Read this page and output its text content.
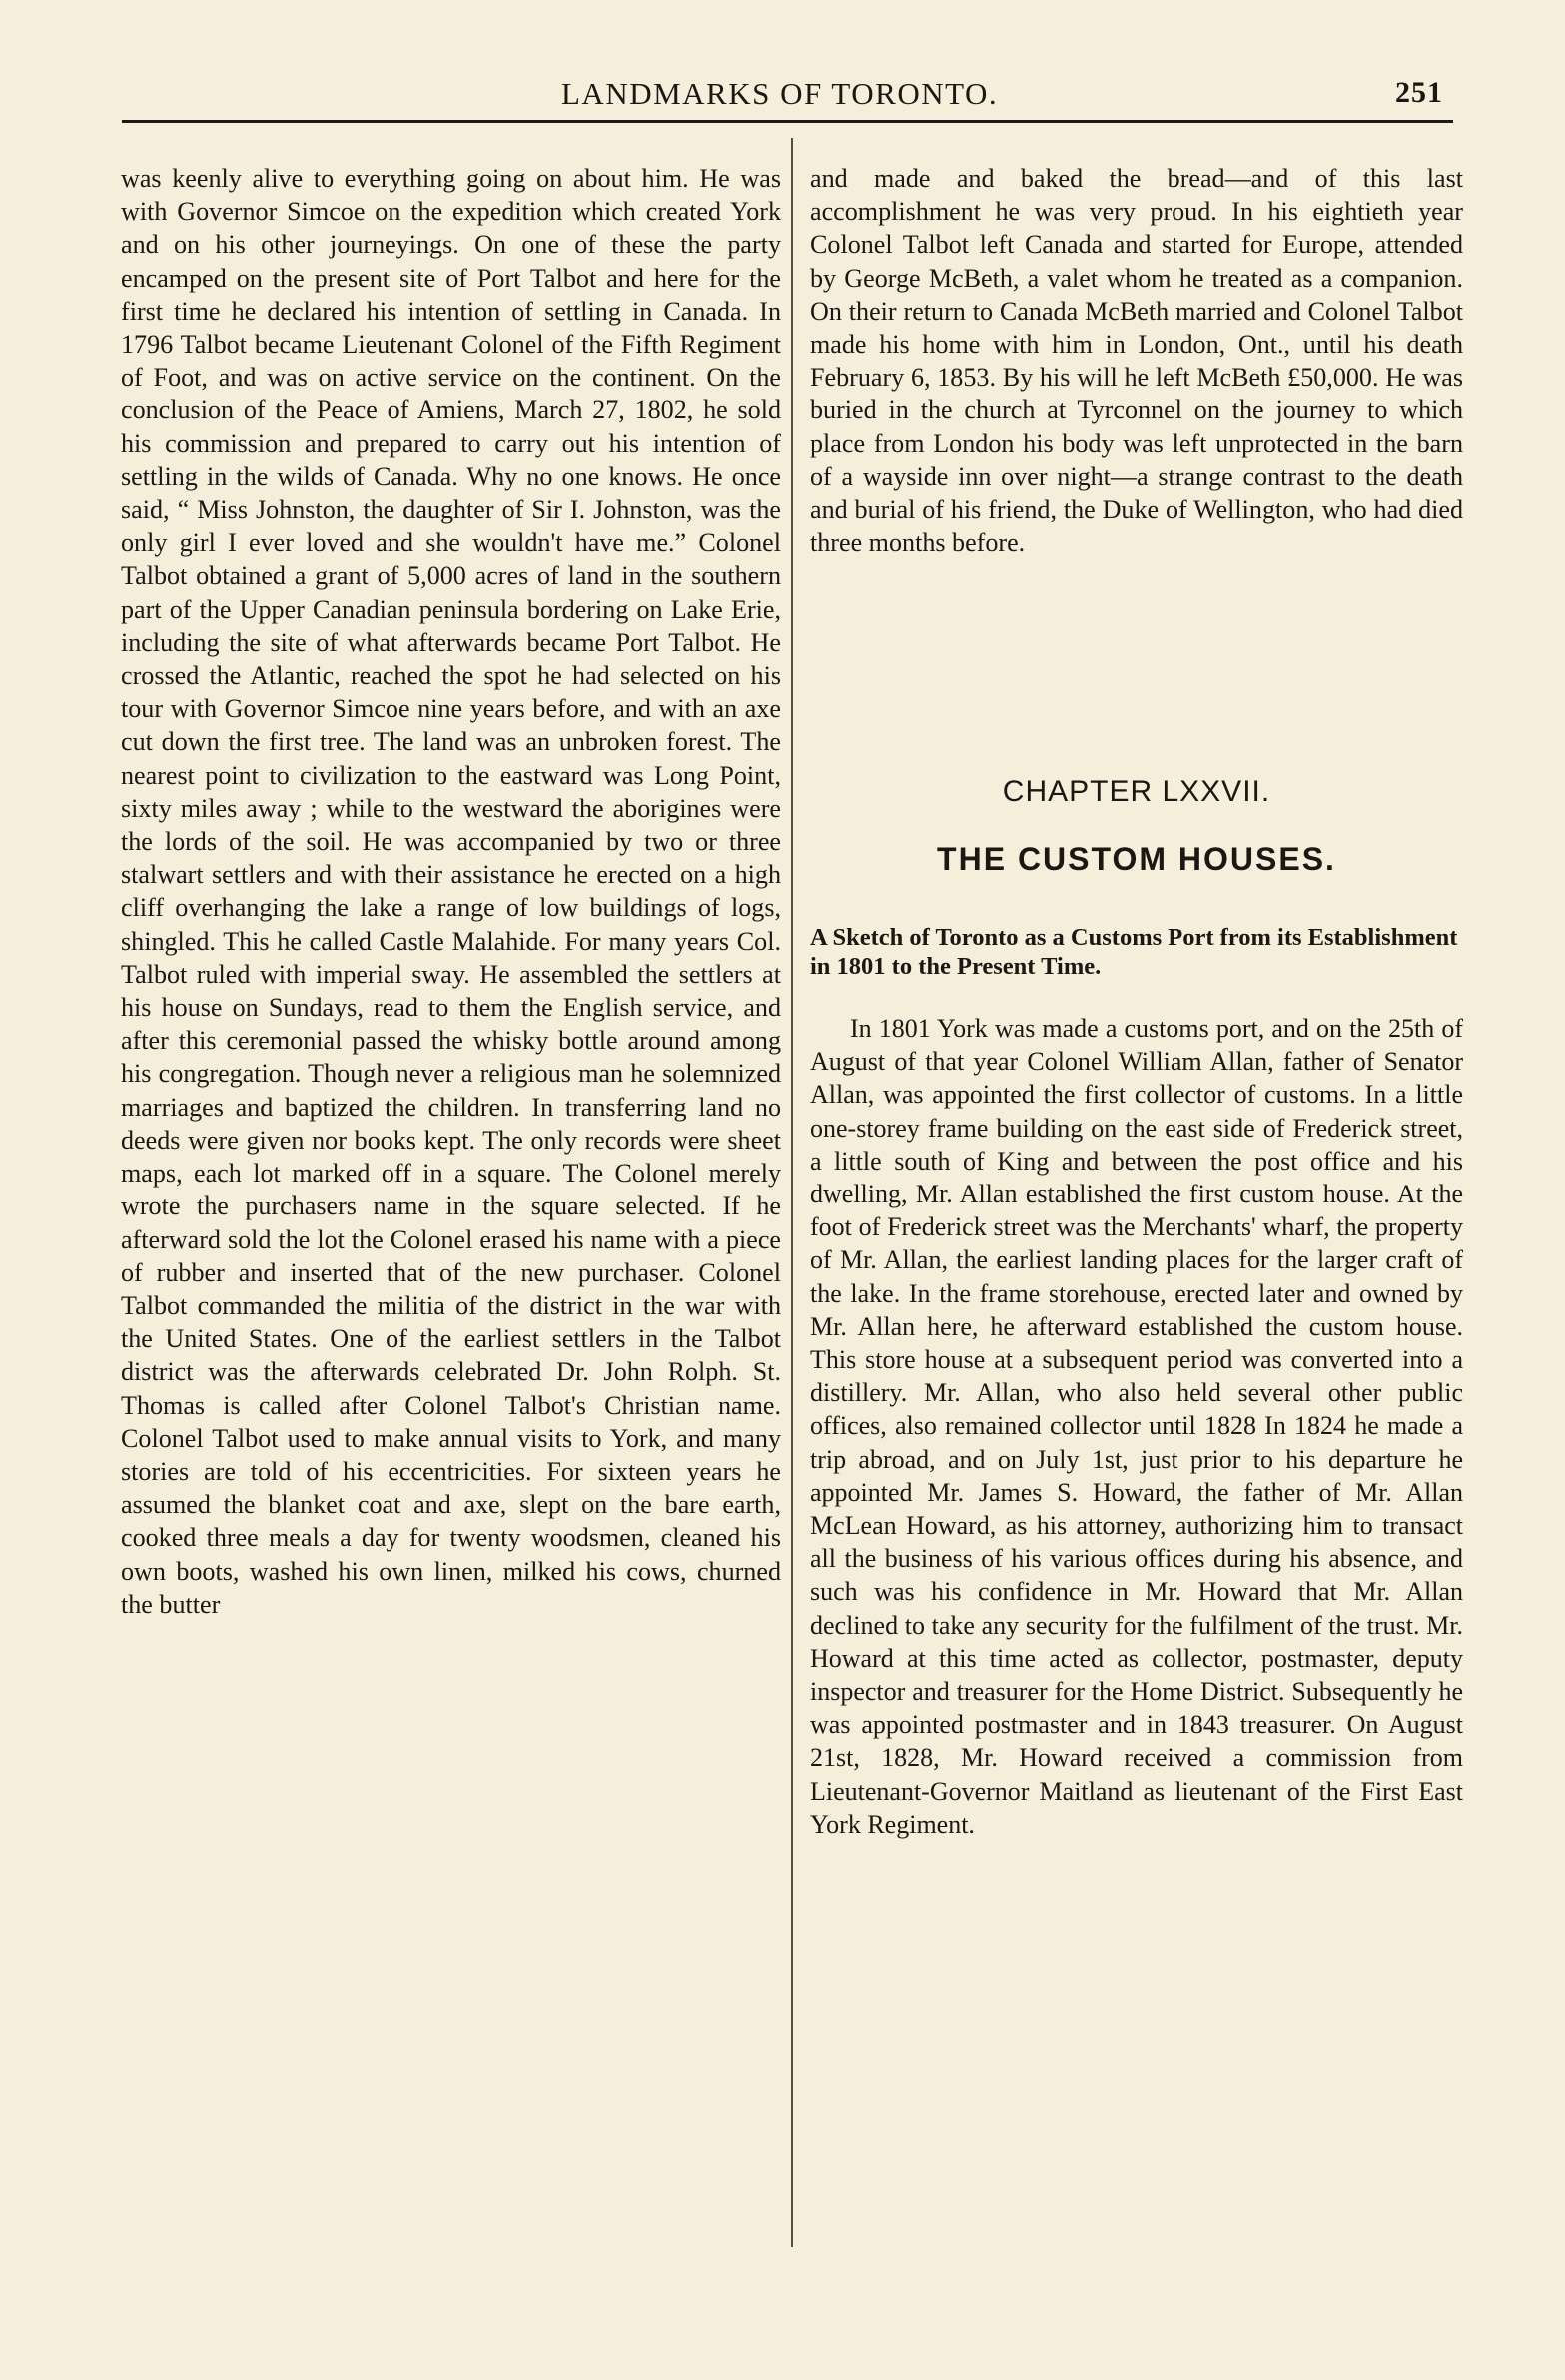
LANDMARKS OF TORONTO.	251

was keenly alive to everything going on about him. He was with Governor Simcoe on the expedition which created York and on his other journeyings. On one of these the party encamped on the present site of Port Talbot and here for the first time he declared his intention of settling in Canada. In 1796 Talbot became Lieutenant Colonel of the Fifth Regiment of Foot, and was on active service on the continent. On the conclusion of the Peace of Amiens, March 27, 1802, he sold his commission and prepared to carry out his intention of settling in the wilds of Canada. Why no one knows. He once said, “ Miss Johnston, the daughter of Sir I. Johnston, was the only girl I ever loved and she wouldn't have me.” Colonel Talbot obtained a grant of 5,000 acres of land in the southern part of the Upper Canadian peninsula bordering on Lake Erie, including the site of what afterwards became Port Talbot. He crossed the Atlantic, reached the spot he had selected on his tour with Governor Simcoe nine years before, and with an axe cut down the first tree. The land was an unbroken forest. The nearest point to civilization to the eastward was Long Point, sixty miles away ; while to the westward the aborigines were the lords of the soil. He was accompanied by two or three stalwart settlers and with their assistance he erected on a high cliff overhanging the lake a range of low buildings of logs, shingled. This he called Castle Malahide. For many years Col. Talbot ruled with imperial sway. He assembled the settlers at his house on Sundays, read to them the English service, and after this ceremonial passed the whisky bottle around among his congregation. Though never a religious man he solemnized marriages and baptized the children. In transferring land no deeds were given nor books kept. The only records were sheet maps, each lot marked off in a square. The Colonel merely wrote the purchasers name in the square selected. If he afterward sold the lot the Colonel erased his name with a piece of rubber and inserted that of the new purchaser. Colonel Talbot commanded the militia of the district in the war with the United States. One of the earliest settlers in the Talbot district was the afterwards celebrated Dr. John Rolph. St. Thomas is called after Colonel Talbot's Christian name. Colonel Talbot used to make annual visits to York, and many stories are told of his eccentricities. For sixteen years he assumed the blanket coat and axe, slept on the bare earth, cooked three meals a day for twenty woodsmen, cleaned his own boots, washed his own linen, milked his cows, churned the butter

and made and baked the bread—and of this last accomplishment he was very proud. In his eightieth year Colonel Talbot left Canada and started for Europe, attended by George McBeth, a valet whom he treated as a companion. On their return to Canada McBeth married and Colonel Talbot made his home with him in London, Ont., until his death February 6, 1853. By his will he left McBeth £50,000. He was buried in the church at Tyrconnel on the journey to which place from London his body was left unprotected in the barn of a wayside inn over night—a strange contrast to the death and burial of his friend, the Duke of Wellington, who had died three months before.

CHAPTER LXXVII.
THE CUSTOM HOUSES.
A Sketch of Toronto as a Customs Port from its Establishment in 1801 to the Present Time.

In 1801 York was made a customs port, and on the 25th of August of that year Colonel William Allan, father of Senator Allan, was appointed the first collector of customs. In a little one-storey frame building on the east side of Frederick street, a little south of King and between the post office and his dwelling, Mr. Allan established the first custom house. At the foot of Frederick street was the Merchants' wharf, the property of Mr. Allan, the earliest landing places for the larger craft of the lake. In the frame storehouse, erected later and owned by Mr. Allan here, he afterward established the custom house. This store house at a subsequent period was converted into a distillery. Mr. Allan, who also held several other public offices, also remained collector until 1828 In 1824 he made a trip abroad, and on July 1st, just prior to his departure he appointed Mr. James S. Howard, the father of Mr. Allan McLean Howard, as his attorney, authorizing him to transact all the business of his various offices during his absence, and such was his confidence in Mr. Howard that Mr. Allan declined to take any security for the fulfilment of the trust. Mr. Howard at this time acted as collector, postmaster, deputy inspector and treasurer for the Home District. Subsequently he was appointed postmaster and in 1843 treasurer. On August 21st, 1828, Mr. Howard received a commission from Lieutenant-Governor Maitland as lieutenant of the First East York Regiment.
